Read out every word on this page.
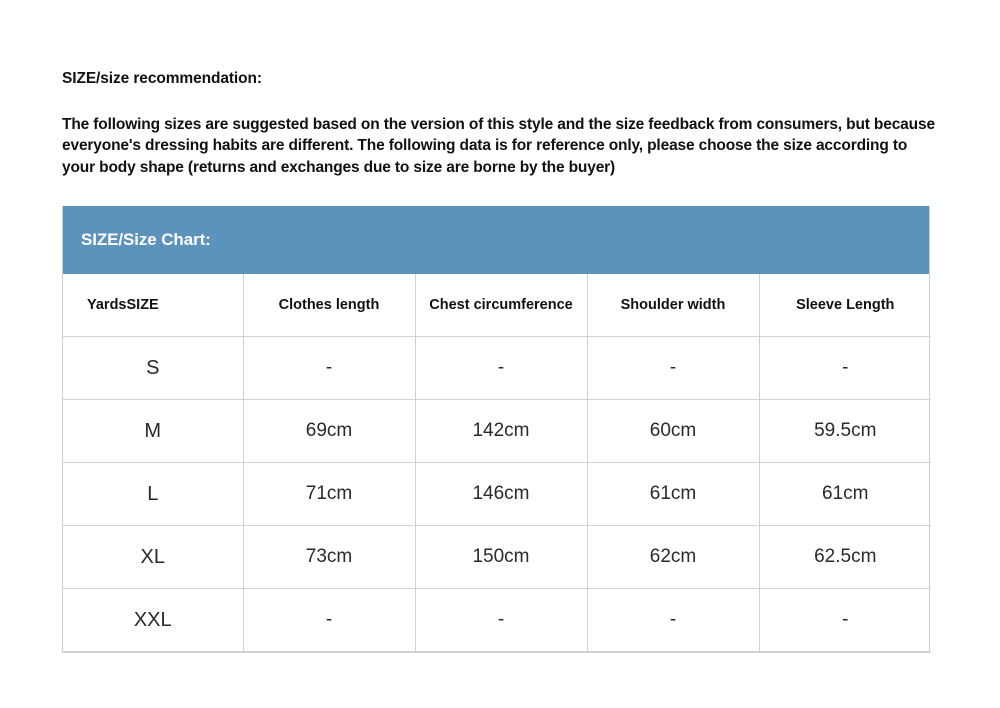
SIZE/size recommendation:

The following sizes are suggested based on the version of this style and the size feedback from consumers, but because everyone's dressing habits are different. The following data is for reference only, please choose the size according to your body shape (returns and exchanges due to size are borne by the buyer)

SIZE/Size Chart:
YardsSIZE	Clothes length	Chest circumference	Shoulder width	Sleeve Length
S	-	-	-	-
M	69cm	142cm	60cm	59.5cm
L	71cm	146cm	61cm	61cm
XL	73cm	150cm	62cm	62.5cm
XXL	-	-	-	-
